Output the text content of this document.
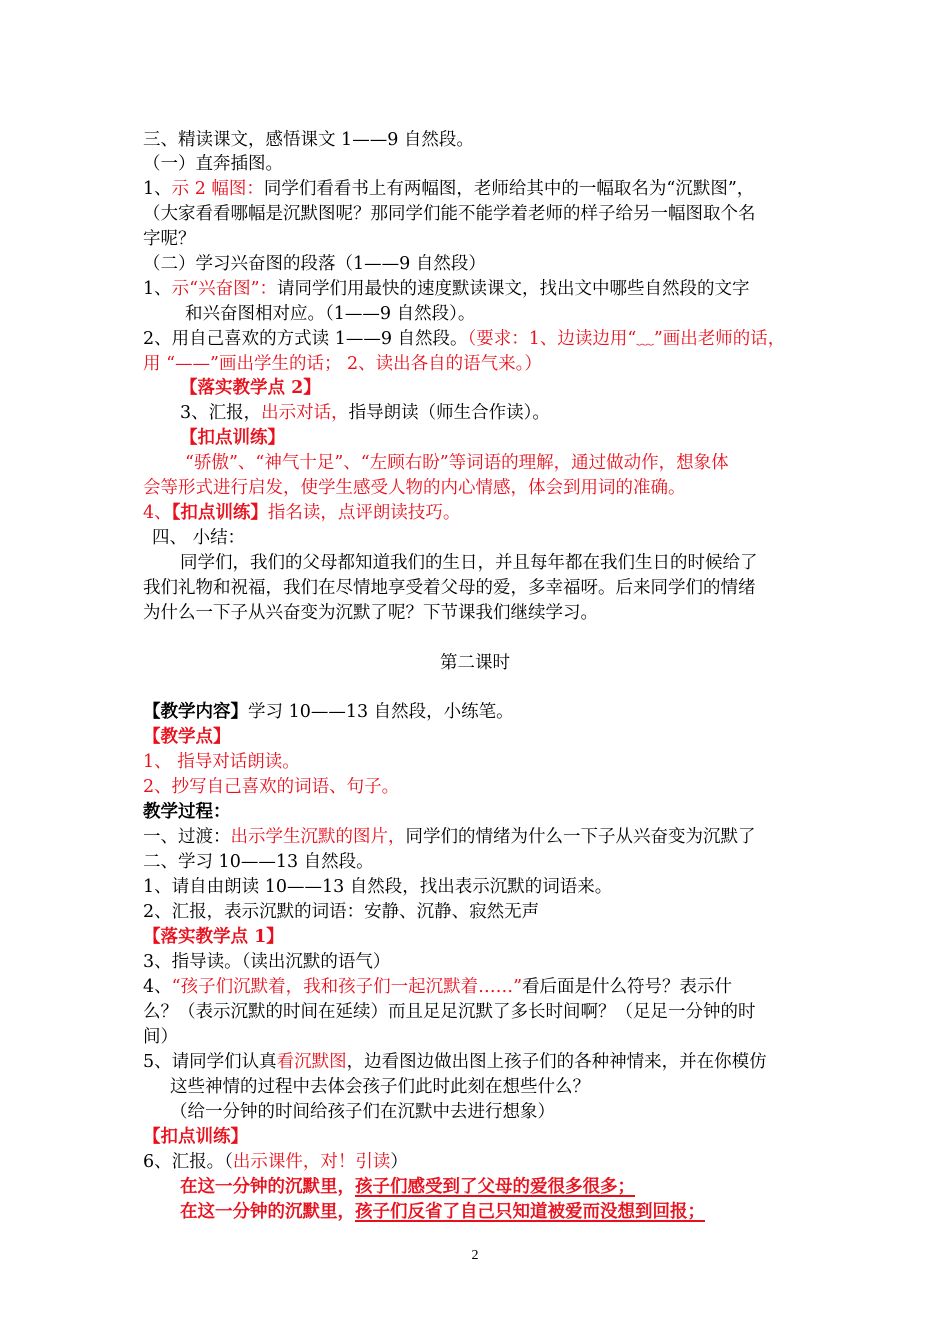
三、精读课文，感悟课文 1——9 自然段。
（一）直奔插图。
1、示 2 幅图：同学们看看书上有两幅图，老师给其中的一幅取名为“沉默图”，
（大家看看哪幅是沉默图呢？那同学们能不能学着老师的样子给另一幅图取个名
字呢？
（二）学习兴奋图的段落（1——9 自然段）
1、示“兴奋图”：请同学们用最快的速度默读课文，找出文中哪些自然段的文字
和兴奋图相对应。（1——9 自然段）。
2、用自己喜欢的方式读 1——9 自然段。（要求：1、边读边用“﹏”画出老师的话，
用 “——”画出学生的话； 2、读出各自的语气来。）
【落实教学点 2】
3、汇报，出示对话，指导朗读（师生合作读）。
【扣点训练】
“骄傲”、“神气十足”、“左顾右盼”等词语的理解，通过做动作，想象体
会等形式进行启发，使学生感受人物的内心情感，体会到用词的准确。
4、【扣点训练】指名读，点评朗读技巧。
四、 小结：
同学们，我们的父母都知道我们的生日，并且每年都在我们生日的时候给了
我们礼物和祝福，我们在尽情地享受着父母的爱，多幸福呀。后来同学们的情绪
为什么一下子从兴奋变为沉默了呢？下节课我们继续学习。
第二课时
【教学内容】学习 10——13 自然段，小练笔。
【教学点】
1、 指导对话朗读。
2、抄写自己喜欢的词语、句子。
教学过程：
一、过渡：出示学生沉默的图片，同学们的情绪为什么一下子从兴奋变为沉默了
二、学习 10——13 自然段。
1、请自由朗读 10——13 自然段，找出表示沉默的词语来。
2、汇报，表示沉默的词语：安静、沉静、寂然无声
【落实教学点 1】
3、指导读。（读出沉默的语气）
4、“孩子们沉默着，我和孩子们一起沉默着……”看后面是什么符号？表示什
么？（表示沉默的时间在延续）而且足足沉默了多长时间啊？（足足一分钟的时
间）
5、请同学们认真看沉默图，边看图边做出图上孩子们的各种神情来，并在你模仿
这些神情的过程中去体会孩子们此时此刻在想些什么？
（给一分钟的时间给孩子们在沉默中去进行想象）
【扣点训练】
6、汇报。（出示课件，对！引读）
在这一分钟的沉默里，孩子们感受到了父母的爱很多很多；
在这一分钟的沉默里，孩子们反省了自己只知道被爱而没想到回报；
2
